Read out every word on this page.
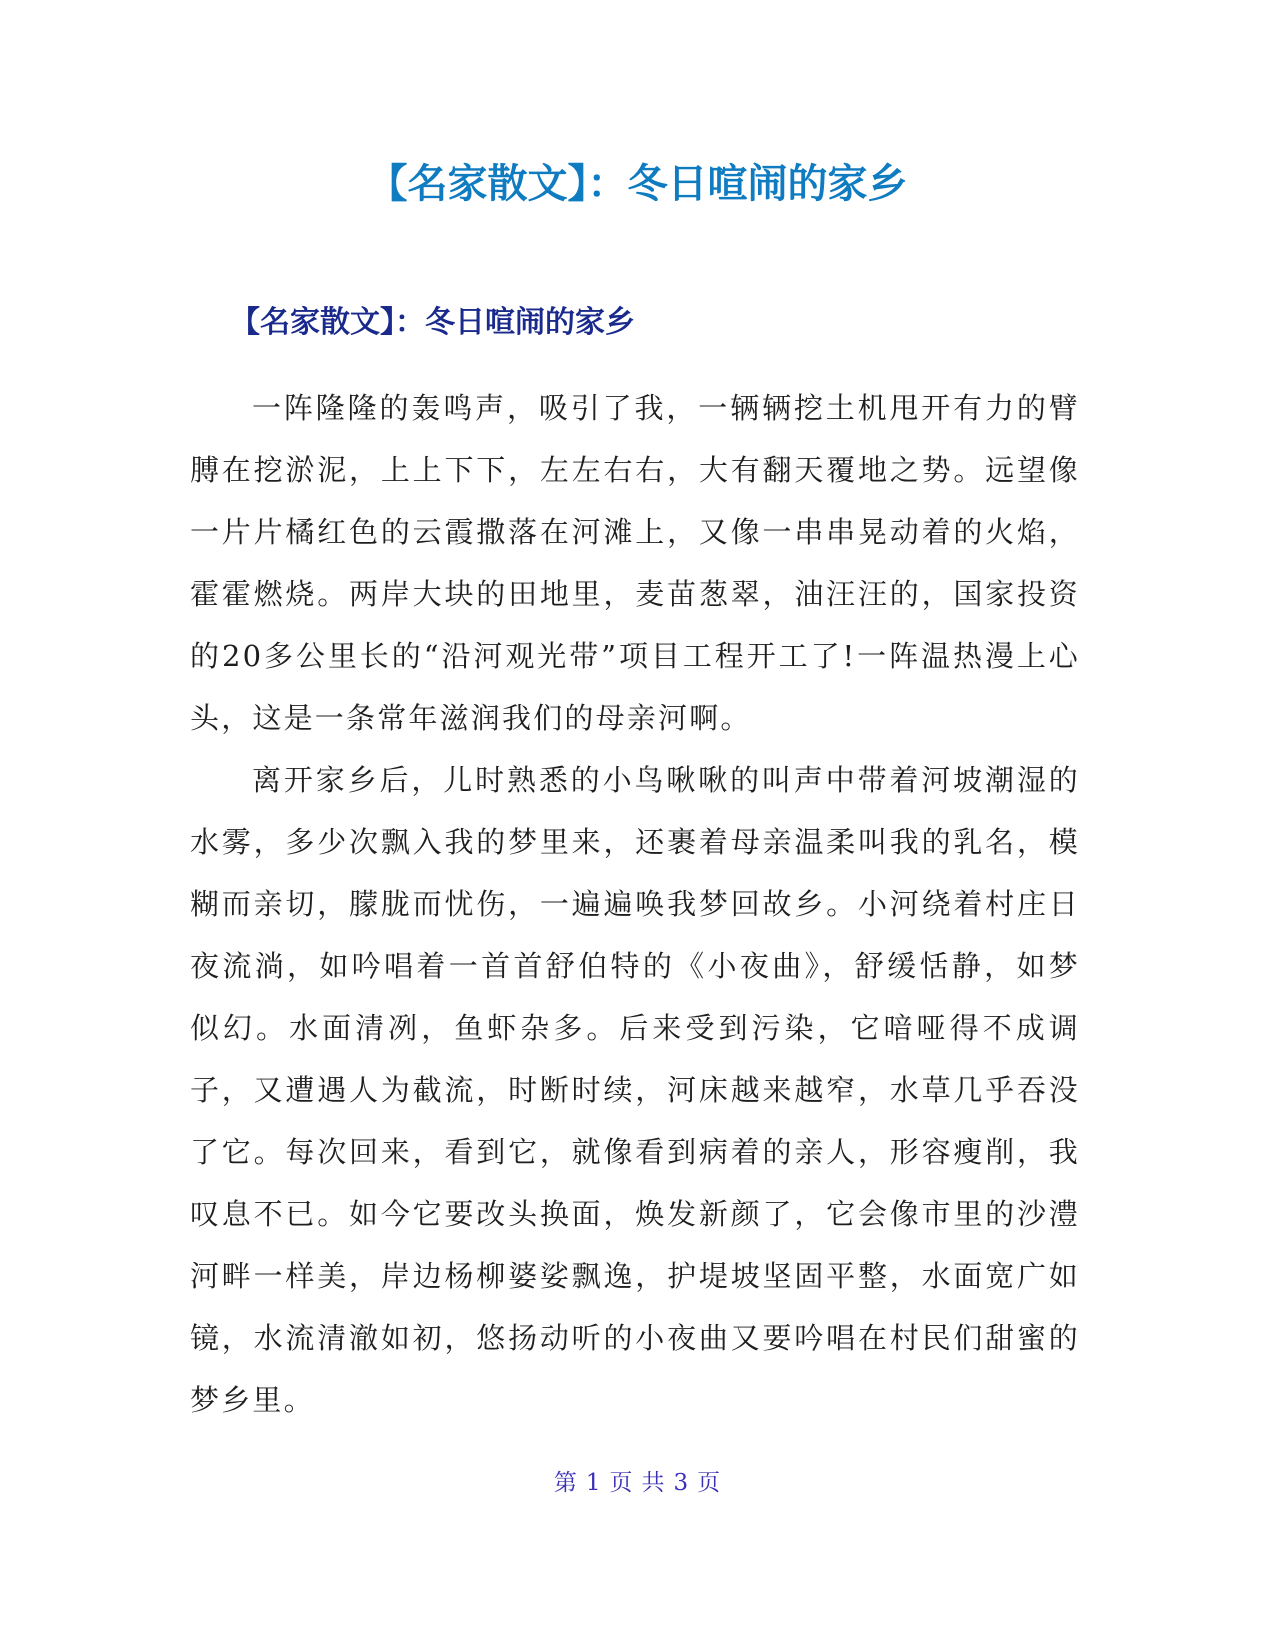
【名家散文】：冬日喧闹的家乡
【名家散文】：冬日喧闹的家乡

一阵隆隆的轰鸣声，吸引了我，一辆辆挖土机甩开有力的臂膊在挖淤泥，上上下下，左左右右，大有翻天覆地之势。远望像一片片橘红色的云霞撒落在河滩上，又像一串串晃动着的火焰，霍霍燃烧。两岸大块的田地里，麦苗葱翠，油汪汪的，国家投资的20多公里长的“沿河观光带”项目工程开工了!一阵温热漫上心头，这是一条常年滋润我们的母亲河啊。

离开家乡后，儿时熟悉的小鸟啾啾的叫声中带着河坡潮湿的水雾，多少次飘入我的梦里来，还裹着母亲温柔叫我的乳名，模糊而亲切，朦胧而忧伤，一遍遍唤我梦回故乡。小河绕着村庄日夜流淌，如吟唱着一首首舒伯特的《小夜曲》，舒缓恬静，如梦似幻。水面清冽，鱼虾杂多。后来受到污染，它喑哑得不成调子，又遭遇人为截流，时断时续，河床越来越窄，水草几乎吞没了它。每次回来，看到它，就像看到病着的亲人，形容瘦削，我叹息不已。如今它要改头换面，焕发新颜了，它会像市里的沙澧河畔一样美，岸边杨柳婆娑飘逸，护堤坡坚固平整，水面宽广如镜，水流清澈如初，悠扬动听的小夜曲又要吟唱在村民们甜蜜的梦乡里。

第 1 页 共 3 页
